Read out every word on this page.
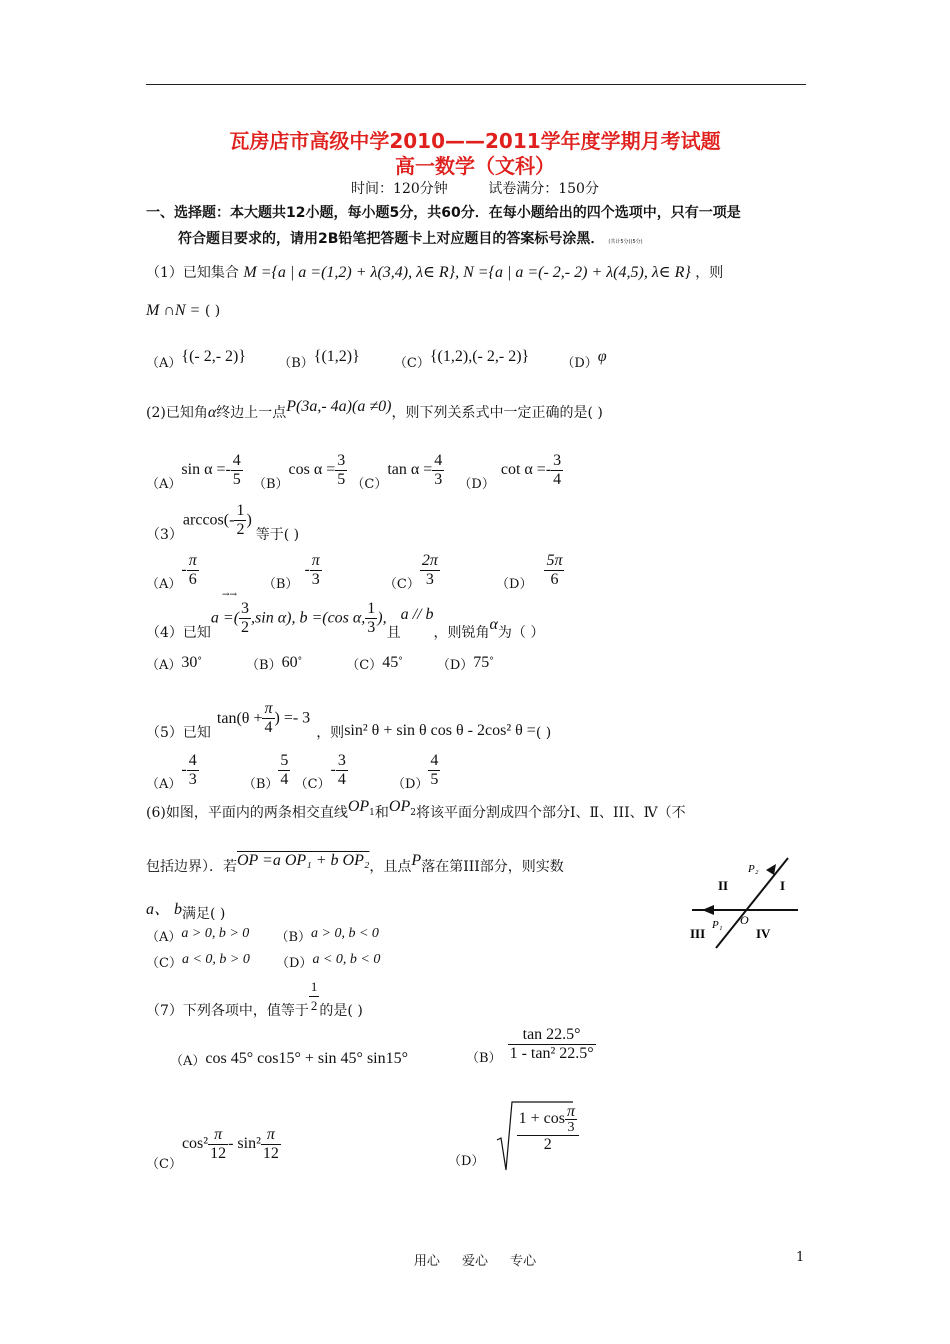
瓦房店市高级中学2010——2011学年度学期月考试题
高一数学（文科）
时间：120分钟	试卷满分：150分
一、选择题：本大题共12小题，每小题5分，共60分．在每小题给出的四个选项中，只有一项是
符合题目要求的，请用2B铅笔把答题卡上对应题目的答案标号涂黑． (共计5分)(5分)
（1）已知集合 M ={a | a =(1,2) + λ(3,4), λ∈ R}, N ={a | a =(- 2,- 2) + λ(4,5), λ∈ R} ，则
M ∩N = ( )
（A）{(- 2,- 2)} （B）{(1,2)}	（C）{(1,2),(- 2,- 2)} （D）φ
(2)已知角α终边上一点P(3a,- 4a)(a ≠0)，则下列关系式中一定正确的是( )
（A）sin $\alpha =- \frac{4}{5} (B)\cos$ $\alpha = \frac{3}{5} (C)\tan$ $\alpha = \frac{4}{3} (D)\cot$ $\alpha =- \frac{3}{4}$
$(3)\arccos(- \frac{1}{2}$ )等于( )
$(A)- \frac{\pi}{6}$	$(B)- \frac{\pi}{3}$	$(C) \frac{2\pi}{3}$	$(D) \frac{5\pi}{6}$
→→
（4）已知a =( $\frac{3}{2} ,\sin$ α), b =(cos α, $\frac{1}{3}$ ),且a // b，则锐角α为（ ）
（A）30°	（B）60°	（C）45°	（D）75°
（5）已知$\tan(\theta + \frac{\pi}{4}$ ) =- 3，则sin² θ + sin θ cos θ - 2cos² θ =( )
$(A)- \frac{4}{3}$	$(B) \frac{5}{4} (C)- \frac{3}{4}$	$(D) \frac{4}{5}$
(6)如图，平面内的两条相交直线OP1和OP2将该平面分割成四个部分Ⅰ、Ⅱ、III、Ⅳ（不
包括边界）．若OP =a OP₁ + b OP₂，且点P落在第III部分，则实数
a、 b满足( )
（A）a > 0, b > 0 （B）a > 0, b < 0
（C）a < 0, b > 0 （D）a < 0, b < 0
II	I
III	IV
P₂
P₁ O
（7）下列各项中，值等于 $\frac{1}{2}$ 的是( )
（A）cos 45° cos15° + sin 45° sin15°	$(B) \frac{\tan 22.5^\circ}{\text{1 - tan² 22.5°}}$
$(C)\cos^2 \frac{\pi}{12} - \sin^2 \frac{\pi}{12}$	（D）
$\frac{1 + \cos \frac{\pi}{3}}{2}$
用心 爱心 专心	1
